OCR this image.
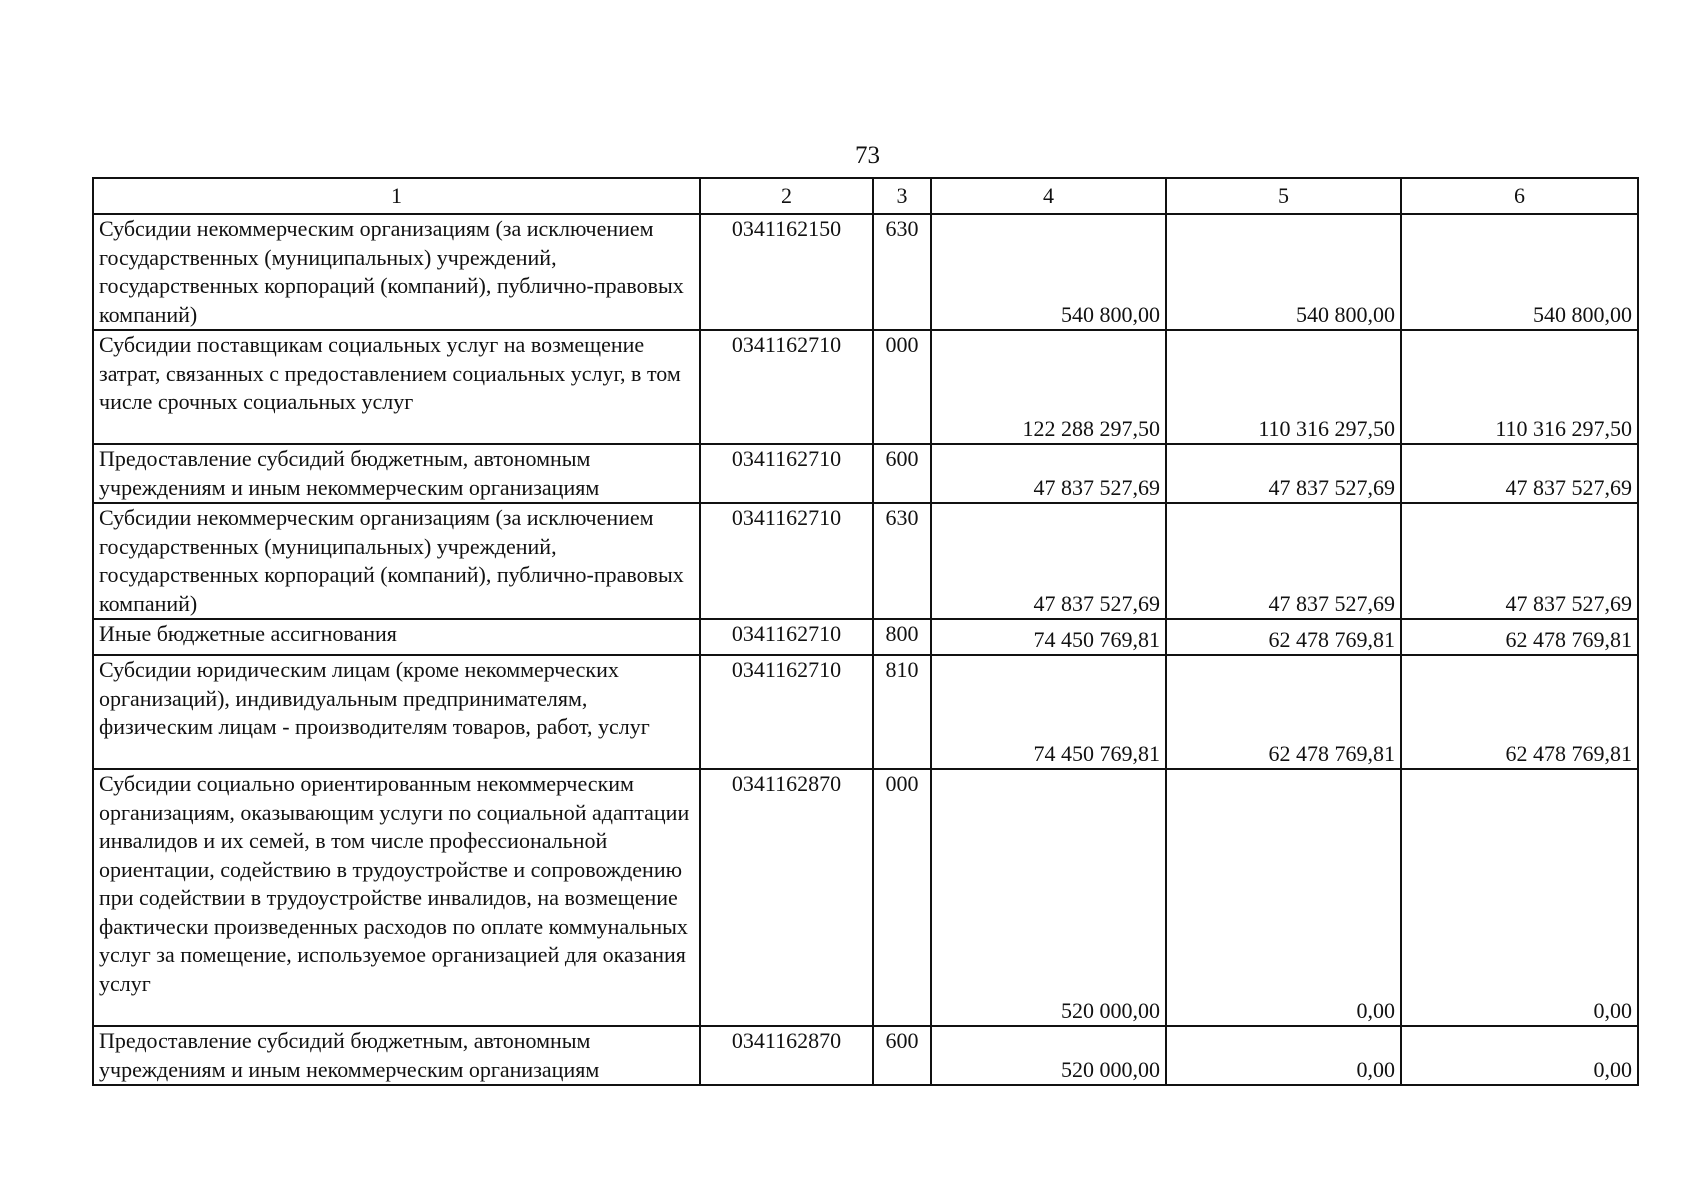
73
1	2	3	4	5	6
Субсидии некоммерческим организациям (за исключением государственных (муниципальных) учреждений, государственных корпораций (компаний), публично-правовых компаний)	0341162150	630	540 800,00	540 800,00	540 800,00
Субсидии поставщикам социальных услуг на возмещение затрат, связанных с предоставлением социальных услуг, в том числе срочных социальных услуг	0341162710	000	122 288 297,50	110 316 297,50	110 316 297,50
Предоставление субсидий бюджетным, автономным учреждениям и иным некоммерческим организациям	0341162710	600	47 837 527,69	47 837 527,69	47 837 527,69
Субсидии некоммерческим организациям (за исключением государственных (муниципальных) учреждений, государственных корпораций (компаний), публично-правовых компаний)	0341162710	630	47 837 527,69	47 837 527,69	47 837 527,69
Иные бюджетные ассигнования	0341162710	800	74 450 769,81	62 478 769,81	62 478 769,81
Субсидии юридическим лицам (кроме некоммерческих организаций), индивидуальным предпринимателям, физическим лицам - производителям товаров, работ, услуг	0341162710	810	74 450 769,81	62 478 769,81	62 478 769,81
Субсидии социально ориентированным некоммерческим организациям, оказывающим услуги по социальной адаптации инвалидов и их семей, в том числе профессиональной ориентации, содействию в трудоустройстве и сопровождению при содействии в трудоустройстве инвалидов, на возмещение фактически произведенных расходов по оплате коммунальных услуг за помещение, используемое организацией для оказания услуг	0341162870	000	520 000,00	0,00	0,00
Предоставление субсидий бюджетным, автономным учреждениям и иным некоммерческим организациям	0341162870	600	520 000,00	0,00	0,00
